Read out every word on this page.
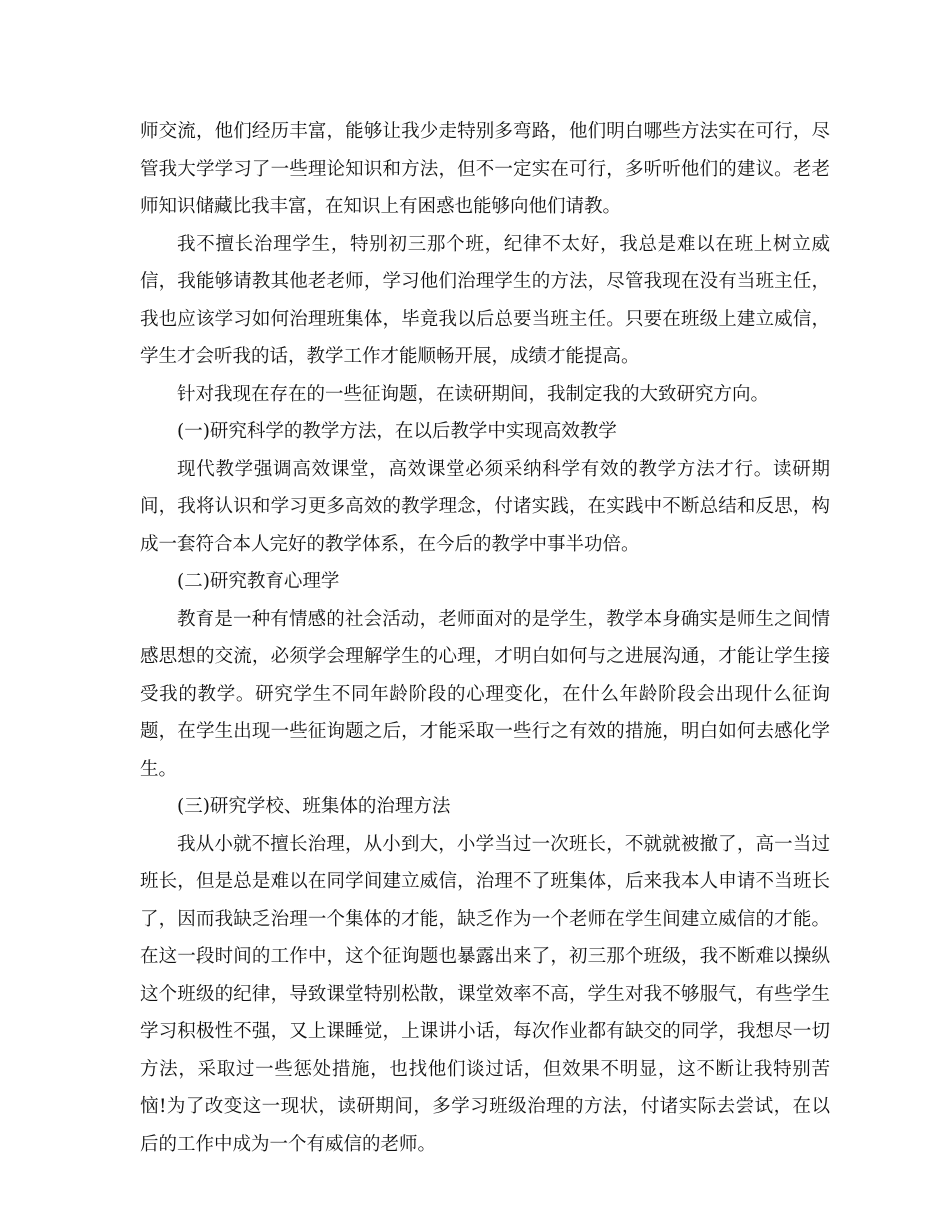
师交流，他们经历丰富，能够让我少走特别多弯路，他们明白哪些方法实在可行，尽管我大学学习了一些理论知识和方法，但不一定实在可行，多听听他们的建议。老老师知识储藏比我丰富，在知识上有困惑也能够向他们请教。

我不擅长治理学生，特别初三那个班，纪律不太好，我总是难以在班上树立威信，我能够请教其他老老师，学习他们治理学生的方法，尽管我现在没有当班主任，我也应该学习如何治理班集体，毕竟我以后总要当班主任。只要在班级上建立威信，学生才会听我的话，教学工作才能顺畅开展，成绩才能提高。

针对我现在存在的一些征询题，在读研期间，我制定我的大致研究方向。

(一)研究科学的教学方法，在以后教学中实现高效教学

现代教学强调高效课堂，高效课堂必须采纳科学有效的教学方法才行。读研期间，我将认识和学习更多高效的教学理念，付诸实践，在实践中不断总结和反思，构成一套符合本人完好的教学体系，在今后的教学中事半功倍。

(二)研究教育心理学

教育是一种有情感的社会活动，老师面对的是学生，教学本身确实是师生之间情感思想的交流，必须学会理解学生的心理，才明白如何与之进展沟通，才能让学生接受我的教学。研究学生不同年龄阶段的心理变化，在什么年龄阶段会出现什么征询题，在学生出现一些征询题之后，才能采取一些行之有效的措施，明白如何去感化学生。

(三)研究学校、班集体的治理方法

我从小就不擅长治理，从小到大，小学当过一次班长，不就就被撤了，高一当过班长，但是总是难以在同学间建立威信，治理不了班集体，后来我本人申请不当班长了，因而我缺乏治理一个集体的才能，缺乏作为一个老师在学生间建立威信的才能。在这一段时间的工作中，这个征询题也暴露出来了，初三那个班级，我不断难以操纵这个班级的纪律，导致课堂特别松散，课堂效率不高，学生对我不够服气，有些学生学习积极性不强，又上课睡觉，上课讲小话，每次作业都有缺交的同学，我想尽一切方法，采取过一些惩处措施，也找他们谈过话，但效果不明显，这不断让我特别苦恼!为了改变这一现状，读研期间，多学习班级治理的方法，付诸实际去尝试，在以后的工作中成为一个有威信的老师。
